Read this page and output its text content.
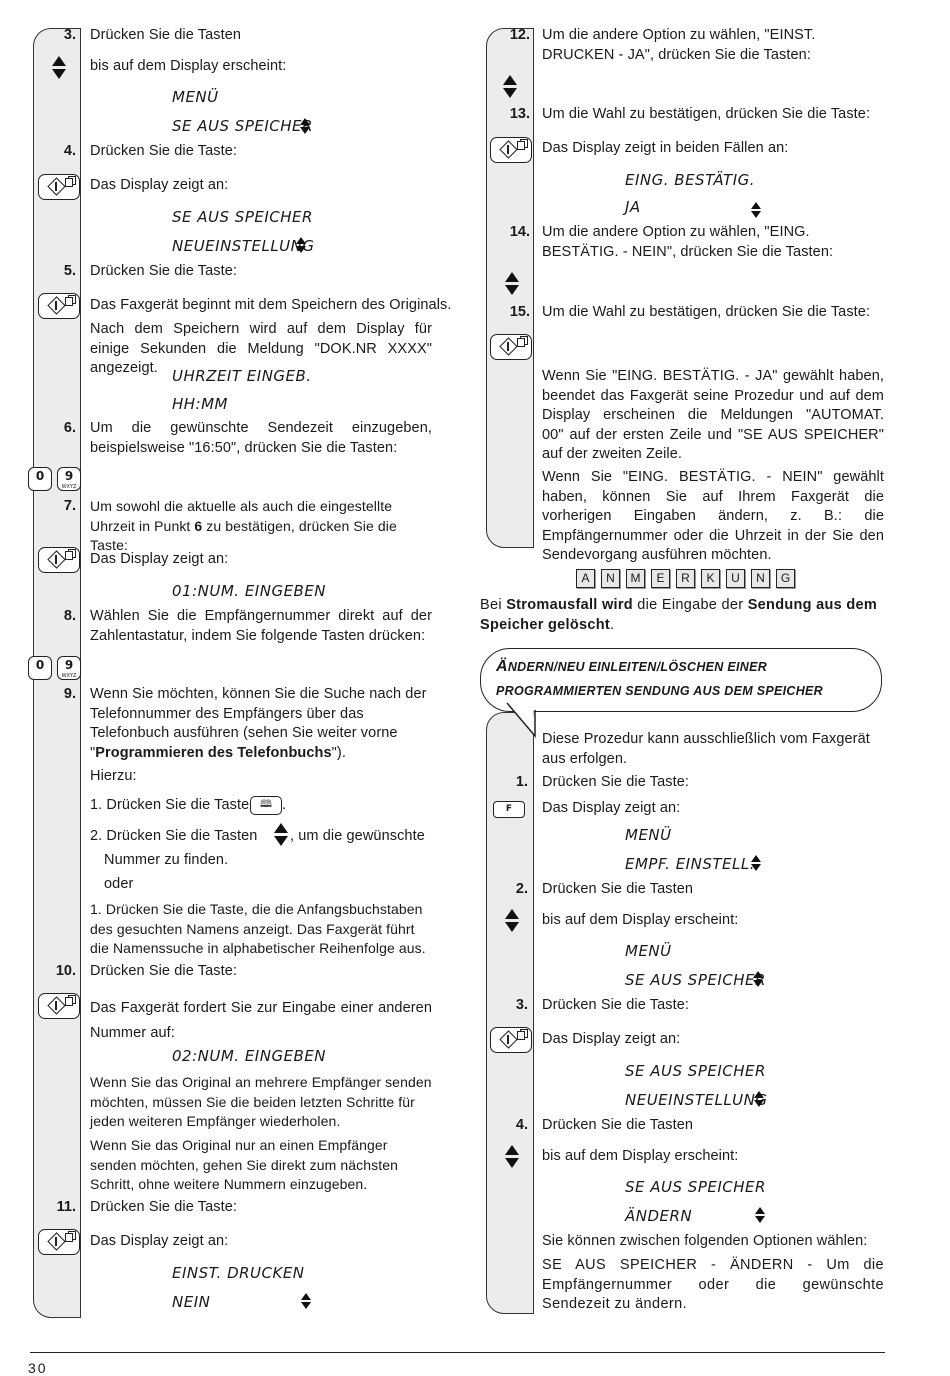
3. Drücken Sie die Tasten
bis auf dem Display erscheint:
MENÜ
SE AUS SPEICHER
4. Drücken Sie die Taste:
Das Display zeigt an:
SE AUS SPEICHER
NEUEINSTELLUNG
5. Drücken Sie die Taste:
Das Faxgerät beginnt mit dem Speichern des Originals.
Nach dem Speichern wird auf dem Display für einige Sekunden die Meldung "DOK.NR XXXX" angezeigt. UHRZEIT EINGEB.
HH:MM
6. Um die gewünschte Sendezeit einzugeben, beispielsweise "16:50", drücken Sie die Tasten:
0	9
WXYZ
7. Um sowohl die aktuelle als auch die eingestellte Uhrzeit in Punkt 6 zu bestätigen, drücken Sie die Taste:
Das Display zeigt an:
01:NUM. EINGEBEN
8. Wählen Sie die Empfängernummer direkt auf der Zahlentastatur, indem Sie folgende Tasten drücken:
0	9
WXYZ
9. Wenn Sie möchten, können Sie die Suche nach der Telefonnummer des Empfängers über das Telefonbuch ausführen (sehen Sie weiter vorne "Programmieren des Telefonbuchs").
Hierzu:
1. Drücken Sie die Taste	🕮 .
2. Drücken Sie die Tasten , um die gewünschte
Nummer zu finden.
oder
1. Drücken Sie die Taste, die die Anfangsbuchstaben des gesuchten Namens anzeigt. Das Faxgerät führt die Namenssuche in alphabetischer Reihenfolge aus.
10. Drücken Sie die Taste:
Das Faxgerät fordert Sie zur Eingabe einer anderen Nummer auf:
02:NUM. EINGEBEN
Wenn Sie das Original an mehrere Empfänger senden möchten, müssen Sie die beiden letzten Schritte für jeden weiteren Empfänger wiederholen.
Wenn Sie das Original nur an einen Empfänger senden möchten, gehen Sie direkt zum nächsten Schritt, ohne weitere Nummern einzugeben.
11. Drücken Sie die Taste:
Das Display zeigt an:
EINST. DRUCKEN
NEIN
12. Um die andere Option zu wählen, "EINST. DRUCKEN - JA", drücken Sie die Tasten:
13. Um die Wahl zu bestätigen, drücken Sie die Taste:
Das Display zeigt in beiden Fällen an:
EING. BESTÄTIG.
JA
14. Um die andere Option zu wählen, "EING. BESTÄTIG. - NEIN", drücken Sie die Tasten:
15. Um die Wahl zu bestätigen, drücken Sie die Taste:
Wenn Sie "EING. BESTÄTIG. - JA" gewählt haben, beendet das Faxgerät seine Prozedur und auf dem Display erscheinen die Meldungen "AUTOMAT.    00" auf der ersten Zeile und "SE AUS SPEICHER" auf der zweiten Zeile.
Wenn Sie "EING. BESTÄTIG. - NEIN" gewählt haben, können Sie auf Ihrem Faxgerät die vorherigen Eingaben ändern, z. B.: die Empfängernummer oder die Uhrzeit in der Sie den Sendevorgang ausführen möchten.
A N M E R K U N G
Bei Stromausfall wird die Eingabe der Sendung aus dem Speicher gelöscht.
ÄNDERN/NEU EINLEITEN/LÖSCHEN EINER
PROGRAMMIERTEN SENDUNG AUS DEM SPEICHER
Diese Prozedur kann ausschließlich vom Faxgerät aus erfolgen.
1. Drücken Sie die Taste:
F	Das Display zeigt an:
MENÜ
EMPF. EINSTELL.
2. Drücken Sie die Tasten
bis auf dem Display erscheint:
MENÜ
SE AUS SPEICHER
3. Drücken Sie die Taste:
Das Display zeigt an:
SE AUS SPEICHER
NEUEINSTELLUNG
4. Drücken Sie die Tasten
bis auf dem Display erscheint:
SE AUS SPEICHER
ÄNDERN
Sie können zwischen folgenden Optionen wählen:
SE AUS SPEICHER - ÄNDERN - Um die Empfängernummer oder die gewünschte Sendezeit zu ändern.
30
